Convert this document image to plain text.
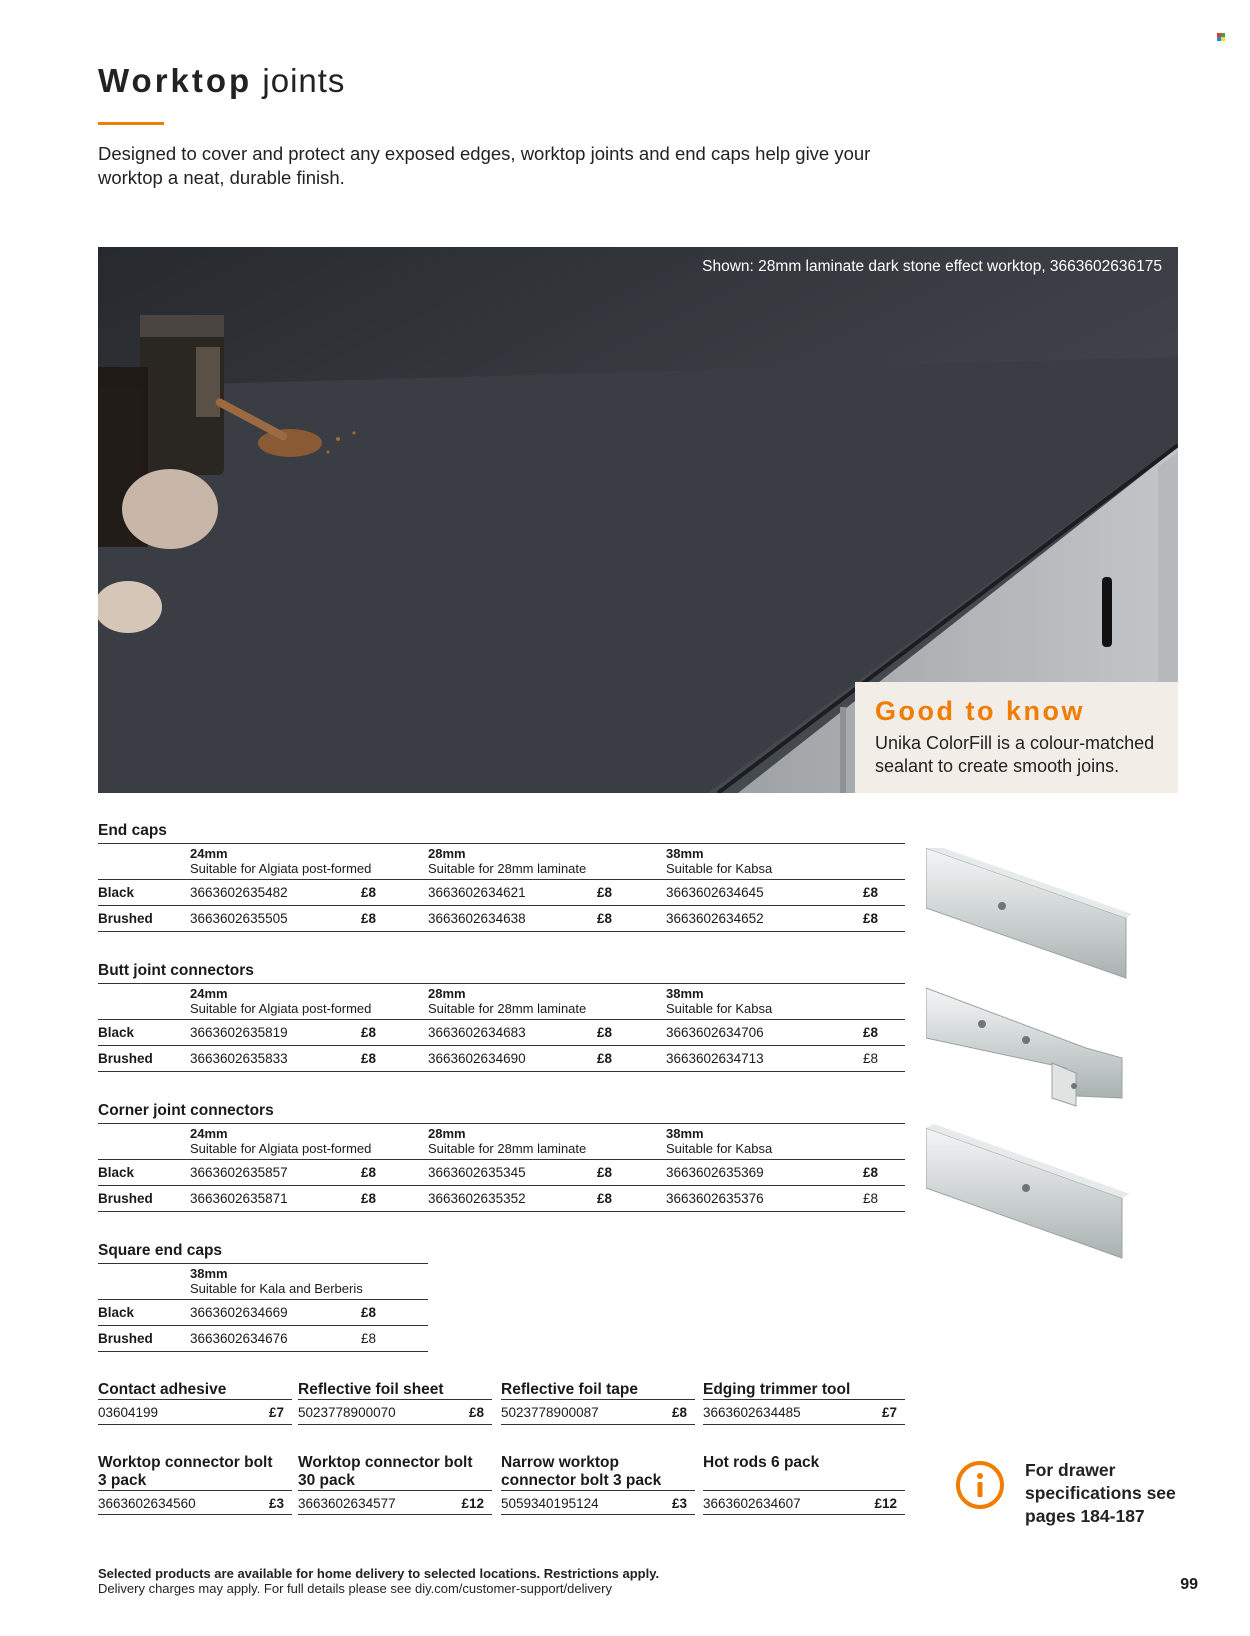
Worktop joints

Designed to cover and protect any exposed edges, worktop joints and end caps help give your worktop a neat, durable finish.

Shown: 28mm laminate dark stone effect worktop, 3663602636175
Good to know
Unika ColorFill is a colour-matched sealant to create smooth joins.
End caps
24mm
Suitable for Algiata post-formed
28mm
Suitable for 28mm laminate
38mm
Suitable for Kabsa
Black	3663602635482	£8	3663602634621	£8	3663602634645	£8
Brushed	3663602635505	£8	3663602634638	£8	3663602634652	£8
Butt joint connectors
24mm
Suitable for Algiata post-formed
28mm
Suitable for 28mm laminate
38mm
Suitable for Kabsa
Black	3663602635819	£8	3663602634683	£8	3663602634706	£8
Brushed	3663602635833	£8	3663602634690	£8	3663602634713	£8
Corner joint connectors
24mm
Suitable for Algiata post-formed
28mm
Suitable for 28mm laminate
38mm
Suitable for Kabsa
Black	3663602635857	£8	3663602635345	£8	3663602635369	£8
Brushed	3663602635871	£8	3663602635352	£8	3663602635376	£8
Square end caps
38mm
Suitable for Kala and Berberis
Black	3663602634669	£8
Brushed	3663602634676	£8
Contact adhesive
03604199	£7
Reflective foil sheet
5023778900070	£8
Reflective foil tape
5023778900087	£8
Edging trimmer tool
3663602634485	£7
Worktop connector bolt
3 pack
3663602634560	£3
Worktop connector bolt
30 pack
3663602634577	£12
Narrow worktop
connector bolt 3 pack
5059340195124	£3
Hot rods 6 pack
3663602634607	£12
For drawer
specifications see
pages 184-187
Selected products are available for home delivery to selected locations. Restrictions apply.
Delivery charges may apply. For full details please see diy.com/customer-support/delivery	99
